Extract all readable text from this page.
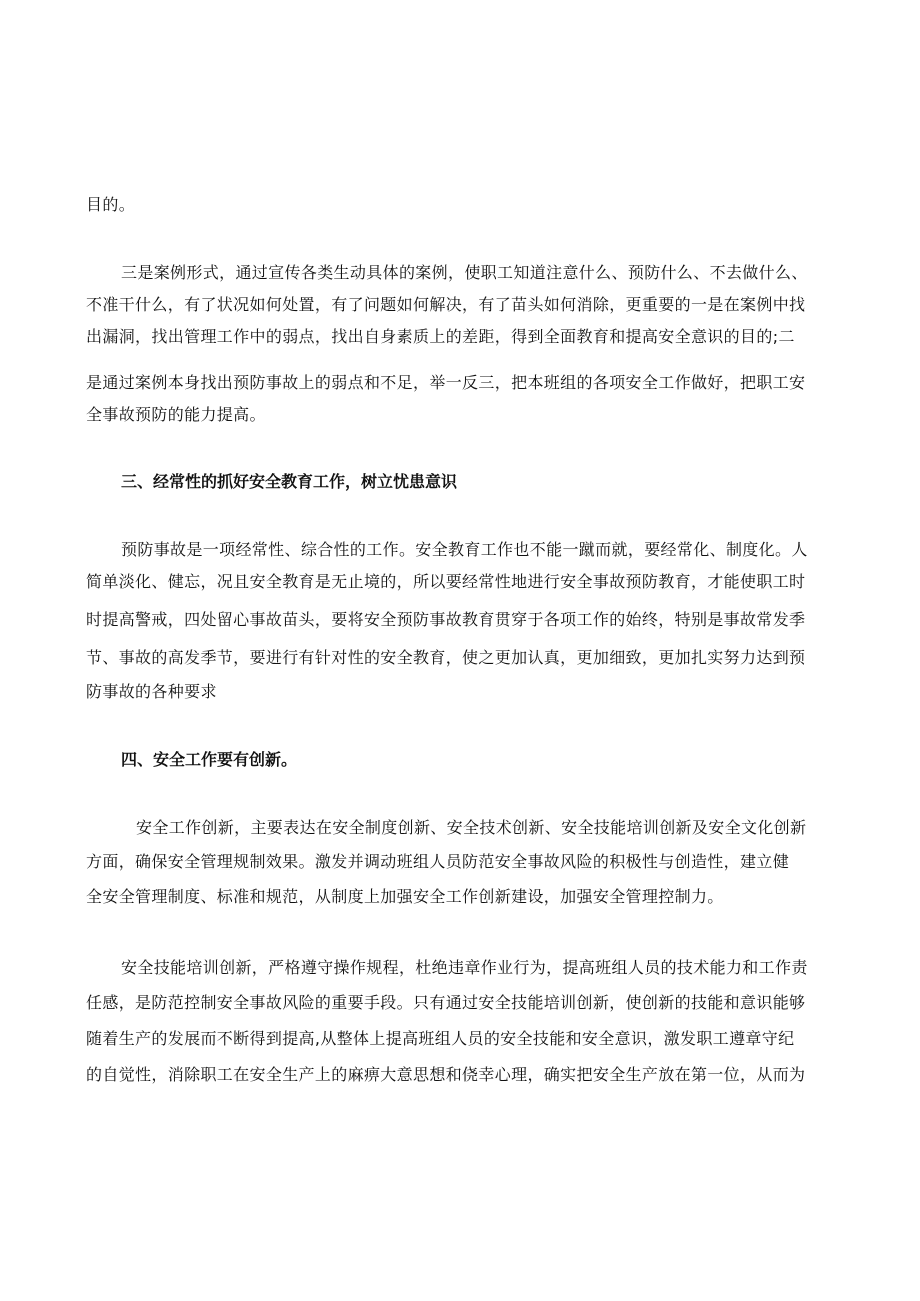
目的。

三是案例形式，通过宣传各类生动具体的案例，使职工知道注意什么、预防什么、不去做什么、

不准干什么，有了状况如何处置，有了问题如何解决，有了苗头如何消除，更重要的一是在案例中找

出漏洞，找出管理工作中的弱点，找出自身素质上的差距，得到全面教育和提高安全意识的目的;二

是通过案例本身找出预防事故上的弱点和不足，举一反三，把本班组的各项安全工作做好，把职工安

全事故预防的能力提高。

三、经常性的抓好安全教育工作，树立忧患意识

预防事故是一项经常性、综合性的工作。安全教育工作也不能一蹴而就，要经常化、制度化。人

简单淡化、健忘，况且安全教育是无止境的，所以要经常性地进行安全事故预防教育，才能使职工时

时提高警戒，四处留心事故苗头，要将安全预防事故教育贯穿于各项工作的始终，特别是事故常发季

节、事故的高发季节，要进行有针对性的安全教育，使之更加认真，更加细致，更加扎实努力达到预

防事故的各种要求

四、安全工作要有创新。

安全工作创新，主要表达在安全制度创新、安全技术创新、安全技能培训创新及安全文化创新

方面，确保安全管理规制效果。激发并调动班组人员防范安全事故风险的积极性与创造性，建立健

全安全管理制度、标准和规范，从制度上加强安全工作创新建设，加强安全管理控制力。

安全技能培训创新，严格遵守操作规程，杜绝违章作业行为，提高班组人员的技术能力和工作责

任感，是防范控制安全事故风险的重要手段。只有通过安全技能培训创新，使创新的技能和意识能够

随着生产的发展而不断得到提高,从整体上提高班组人员的安全技能和安全意识，激发职工遵章守纪

的自觉性，消除职工在安全生产上的麻痹大意思想和侥幸心理，确实把安全生产放在第一位，从而为
